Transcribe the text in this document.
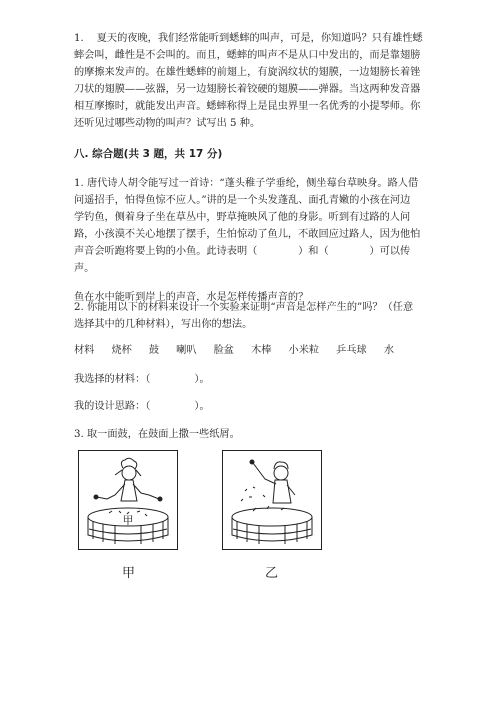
1. 夏天的夜晚，我们经常能听到蟋蟀的叫声，可是，你知道吗？只有雄性蟋

蟀会叫，雌性是不会叫的。而且，蟋蟀的叫声不是从口中发出的，而是靠翅膀

的摩擦来发声的。在雄性蟋蟀的前翅上，有旋涡纹状的翅膜，一边翅膀长着锉

刀状的翅膜——弦器，另一边翅膀长着铰硬的翅膜——弹器。当这两种发音器

相互摩擦时，就能发出声音。蟋蟀称得上是昆虫界里一名优秀的小提琴师。你

还听见过哪些动物的叫声？试写出 5 种。

八. 综合题(共 3 题，共 17 分)

1. 唐代诗人胡令能写过一首诗：“蓬头稚子学垂纶，侧坐莓台草映身。路人借

问遥招手，怕得鱼惊不应人。”讲的是一个头发蓬乱、面孔青嫩的小孩在河边

学钓鱼，侧着身子坐在草丛中，野草掩映风了他的身影。听到有过路的人问

路，小孩漠不关心地摆了摆手，生怕惊动了鱼儿，不敢回应过路人，因为他怕

声音会听跑将要上钩的小鱼。此诗表明（　　　　）和（　　　　）可以传

声。

鱼在水中能听到岸上的声音，水是怎样传播声音的？

2. 你能用以下的材料来设计一个实验来证明“声音是怎样产生的”吗？（任意

选择其中的几种材料），写出你的想法。

材料 烧杯 鼓 喇叭 脸盆 木棒 小米粒 乒乓球 水

我选择的材料：（	）。

我的设计思路：（	）。

3. 取一面鼓，在鼓面上撒一些纸屑。

甲
甲	乙
